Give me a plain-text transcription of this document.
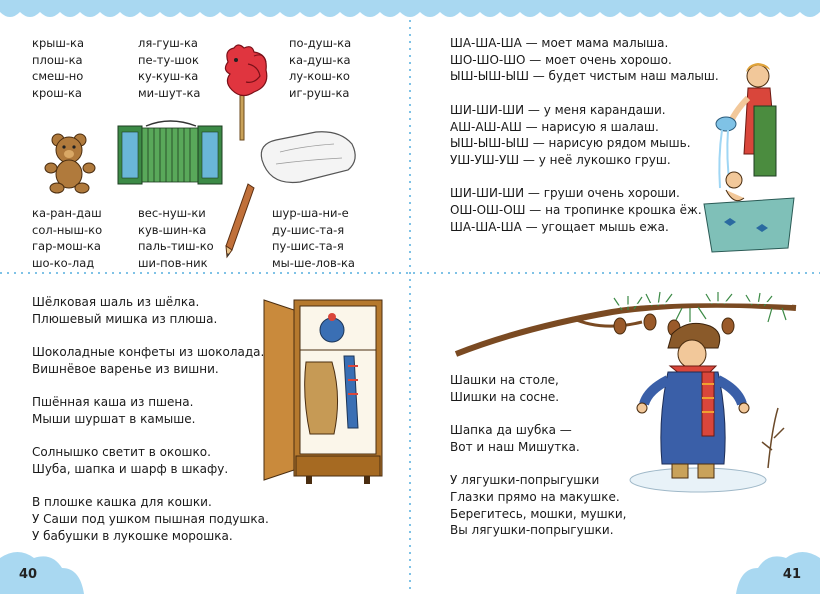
крыш-ка
плош-ка
смеш-но
крош-ка
ля-гуш-ка
пе-ту-шок
ку-куш-ка
ми-шут-ка
по-душ-ка
ка-душ-ка
лу-кош-ко
иг-руш-ка
ка-ран-даш
сол-ныш-ко
гар-мош-ка
шо-ко-лад
вес-нуш-ки
кув-шин-ка
паль-тиш-ко
ши-пов-ник
шур-ша-ни-е
ду-шис-та-я
пу-шис-та-я
мы-ше-лов-ка
ША-ША-ША — моет мама малыша.
ШО-ШО-ШО — моет очень хорошо.
ЫШ-ЫШ-ЫШ — будет чистым наш малыш.
ШИ-ШИ-ШИ — у меня карандаши.
АШ-АШ-АШ — нарисую я шалаш.
ЫШ-ЫШ-ЫШ — нарисую рядом мышь.
УШ-УШ-УШ — у неё лукошко груш.
ШИ-ШИ-ШИ — груши очень хороши.
ОШ-ОШ-ОШ — на тропинке крошка ёж.
ША-ША-ША — угощает мышь ежа.
Шёлковая шаль из шёлка.
Плюшевый мишка из плюша.
Шоколадные конфеты из шоколада.
Вишнёвое варенье из вишни.
Пшённая каша из пшена.
Мыши шуршат в камыше.
Солнышко светит в окошко.
Шуба, шапка и шарф в шкафу.
В плошке кашка для кошки.
У Саши под ушком пышная подушка.
У бабушки в лукошке морошка.
Шашки на столе,
Шишки на сосне.
Шапка да шубка —
Вот и наш Мишутка.
У лягушки-попрыгушки
Глазки прямо на макушке.
Берегитесь, мошки, мушки,
Вы лягушки-попрыгушки.
40	41
